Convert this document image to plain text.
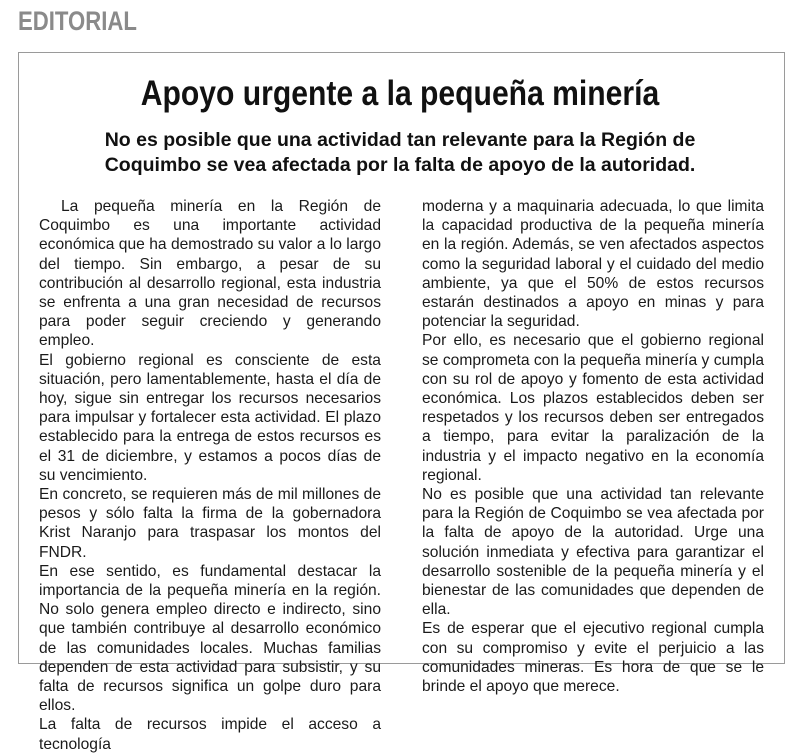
EDITORIAL
Apoyo urgente a la pequeña minería
No es posible que una actividad tan relevante para la Región de Coquimbo se vea afectada por la falta de apoyo de la autoridad.

La pequeña minería en la Región de Coquimbo es una importante actividad económica que ha demostrado su valor a lo largo del tiempo. Sin embargo, a pesar de su contribución al desarrollo regional, esta industria se enfrenta a una gran necesidad de recursos para poder seguir creciendo y generando empleo.

El gobierno regional es consciente de esta situación, pero lamentablemente, hasta el día de hoy, sigue sin entregar los recursos necesarios para impulsar y fortalecer esta actividad. El plazo establecido para la entrega de estos recursos es el 31 de diciembre, y estamos a pocos días de su vencimiento.

En concreto, se requieren más de mil millones de pesos y sólo falta la firma de la gobernadora Krist Naranjo para traspasar los montos del FNDR.

En ese sentido, es fundamental destacar la importancia de la pequeña minería en la región. No solo genera empleo directo e indirecto, sino que también contribuye al desarrollo económico de las comunidades locales. Muchas familias dependen de esta actividad para subsistir, y su falta de recursos significa un golpe duro para ellos.

La falta de recursos impide el acceso a tecnología

moderna y a maquinaria adecuada, lo que limita la capacidad productiva de la pequeña minería en la región. Además, se ven afectados aspectos como la seguridad laboral y el cuidado del medio ambiente, ya que el 50% de estos recursos estarán destinados a apoyo en minas y para potenciar la seguridad.

Por ello, es necesario que el gobierno regional se comprometa con la pequeña minería y cumpla con su rol de apoyo y fomento de esta actividad económica. Los plazos establecidos deben ser respetados y los recursos deben ser entregados a tiempo, para evitar la paralización de la industria y el impacto negativo en la economía regional.

No es posible que una actividad tan relevante para la Región de Coquimbo se vea afectada por la falta de apoyo de la autoridad. Urge una solución inmediata y efectiva para garantizar el desarrollo sostenible de la pequeña minería y el bienestar de las comunidades que dependen de ella.

Es de esperar que el ejecutivo regional cumpla con su compromiso y evite el perjuicio a las comunidades mineras. Es hora de que se le brinde el apoyo que merece.
